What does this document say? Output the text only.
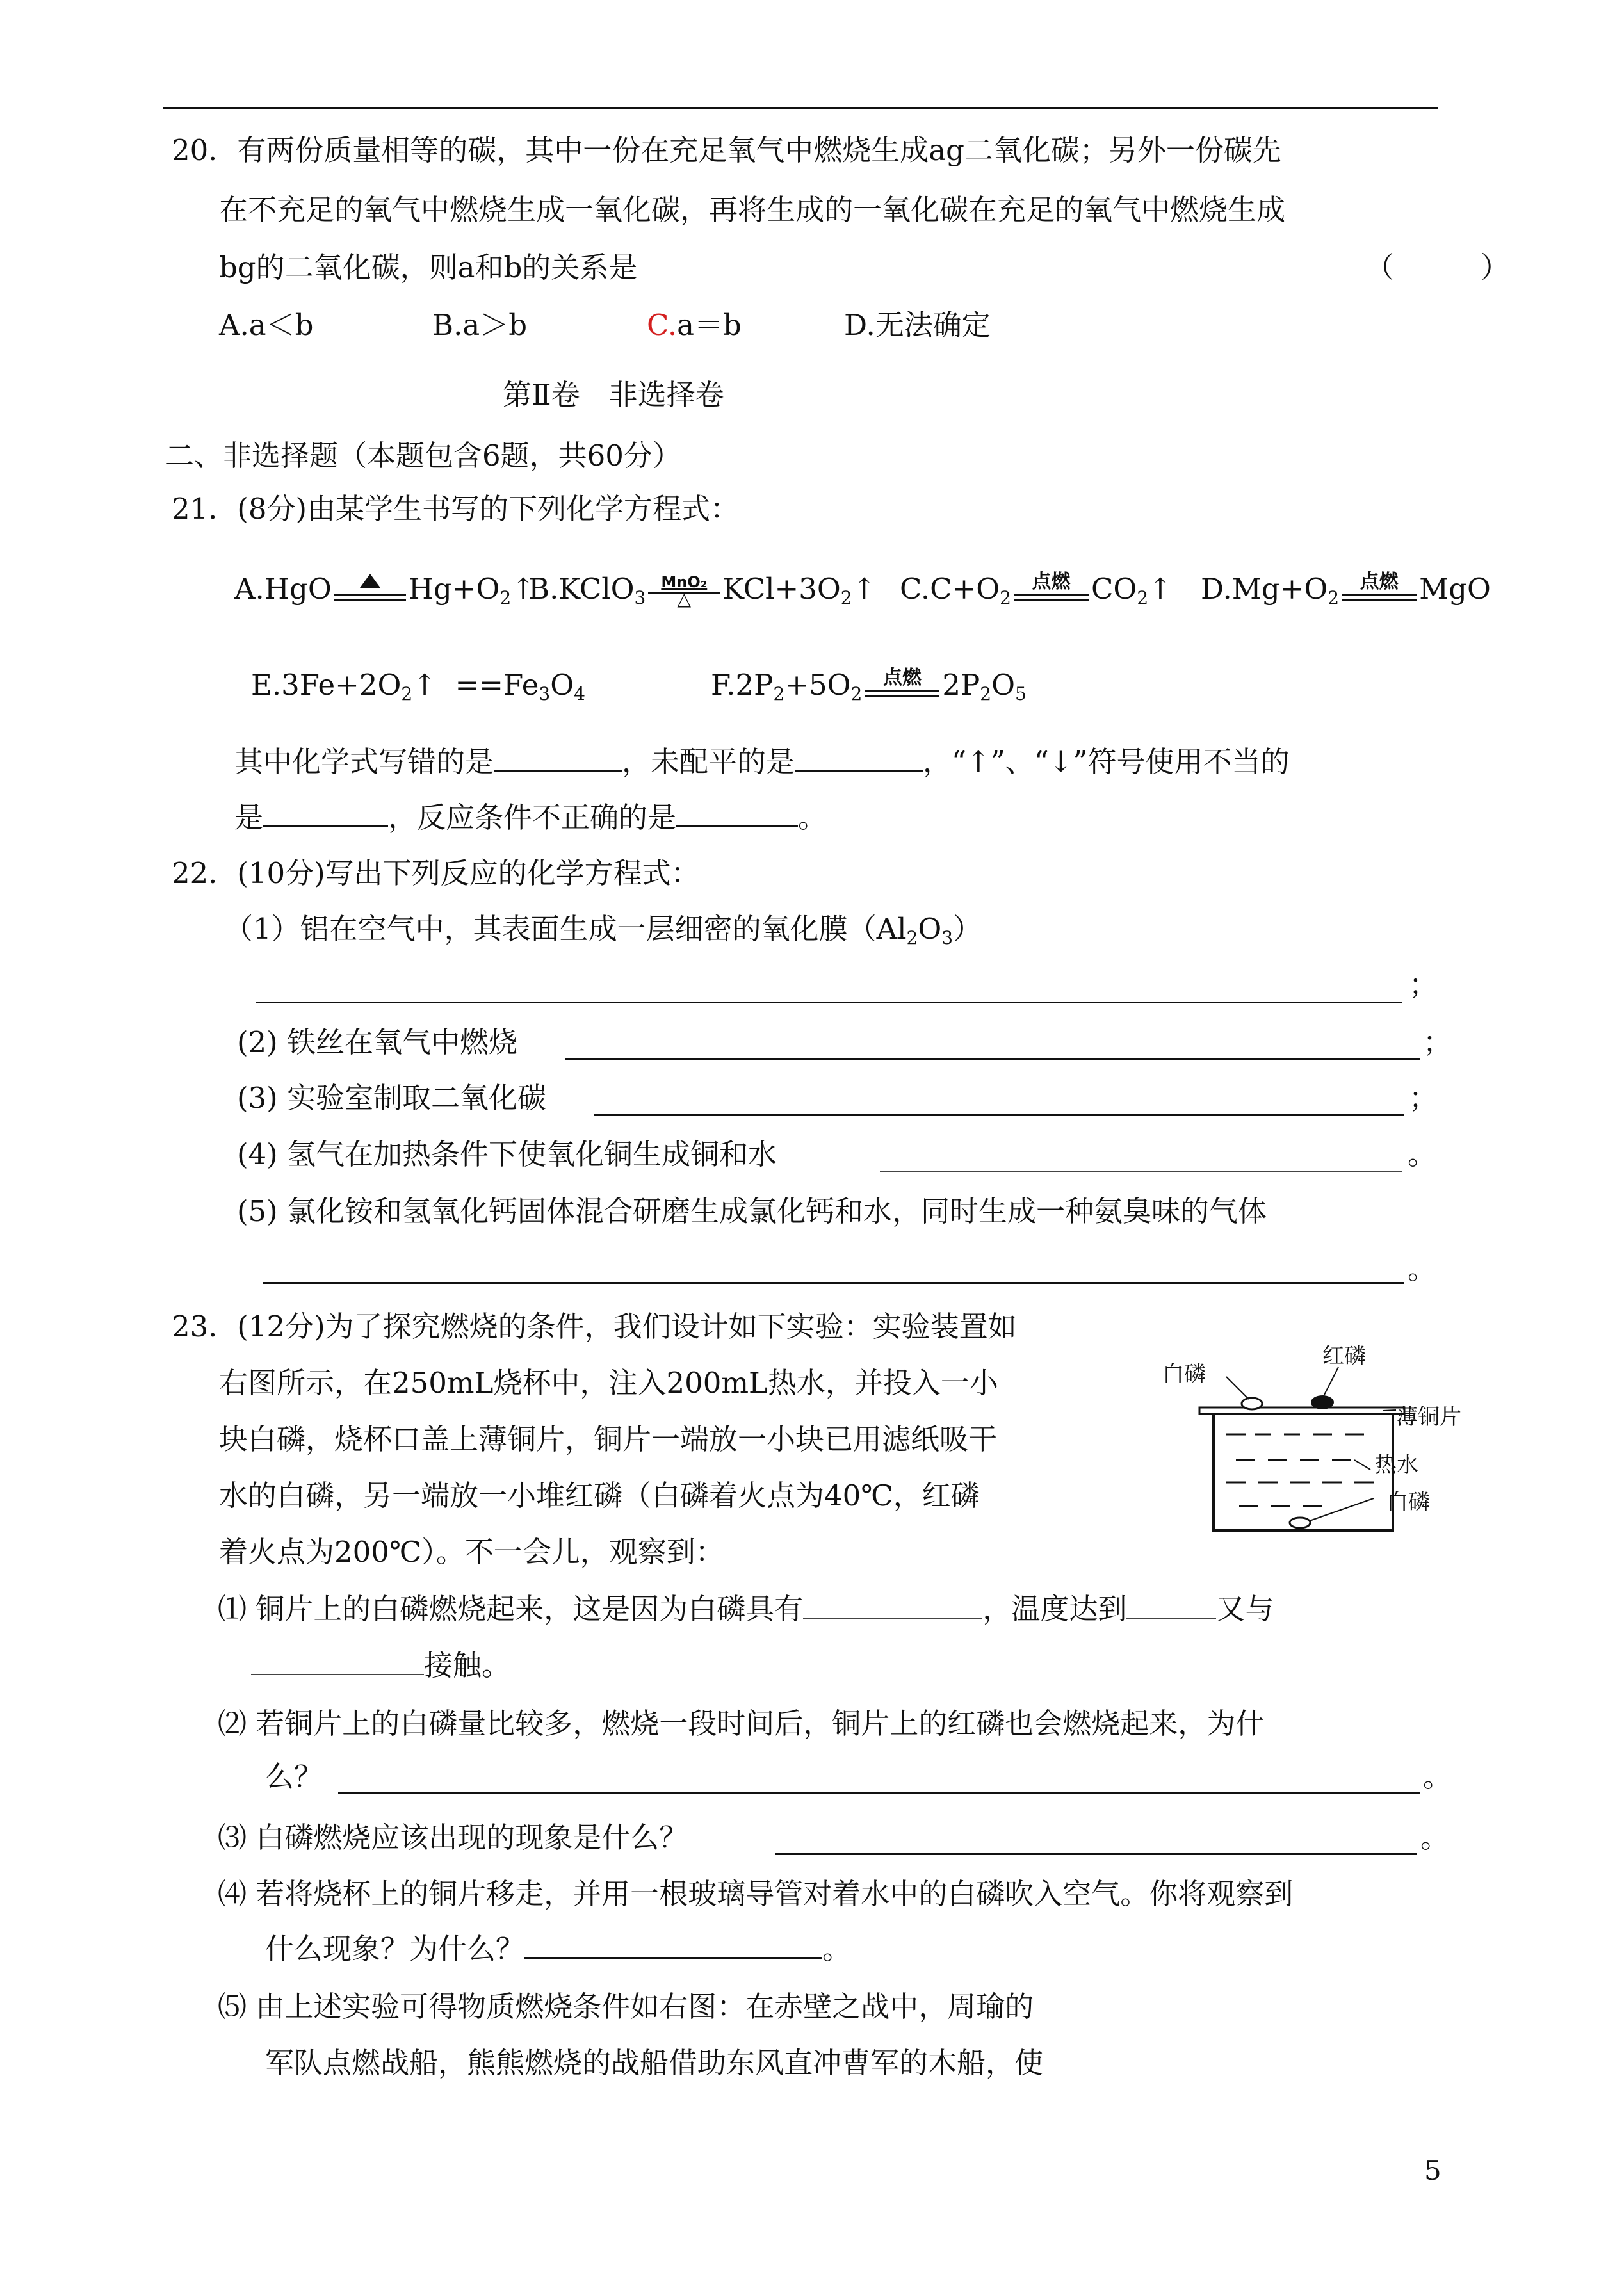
20．有两份质量相等的碳，其中一份在充足氧气中燃烧生成ag二氧化碳；另外一份碳先
在不充足的氧气中燃烧生成一氧化碳，再将生成的一氧化碳在充足的氧气中燃烧生成
bg的二氧化碳，则a和b的关系是	（　　　）
A.a＜b	B.a＞b	C.a＝b	D.无法确定
第Ⅱ卷　非选择卷
二、非选择题（本题包含6题，共60分）
21．(8分)由某学生书写的下列化学方程式：
A.HgO	$Hg+O_2↑$
B.KClO$_3$
MnO₂
△	$KCl+3O_2↑$ $C.C+O_2$
点燃 $CO_2↑$ $D.Mg+O_2$
点燃 MgO
$E.3Fe+2O_2↑ ==Fe_3O_4$	$F.2P_2+5O_2$
点燃 $2P_2O_5$
其中化学式写错的是	，未配平的是	，“↑”、“↓”符号使用不当的
是	，反应条件不正确的是	。
22．(10分)写出下列反应的化学方程式：
（1）铝在空气中，其表面生成一层细密的氧化膜$(Al_2O_3)$
；
(2) 铁丝在氧气中燃烧	；
(3) 实验室制取二氧化碳	；
(4) 氢气在加热条件下使氧化铜生成铜和水	。
(5) 氯化铵和氢氧化钙固体混合研磨生成氯化钙和水，同时生成一种氨臭味的气体
。
23．(12分)为了探究燃烧的条件，我们设计如下实验：实验装置如
右图所示，在250mL烧杯中，注入200mL热水，并投入一小
块白磷，烧杯口盖上薄铜片，铜片一端放一小块已用滤纸吸干
水的白磷，另一端放一小堆红磷（白磷着火点为40℃，红磷
着火点为200℃）。不一会儿，观察到：
白磷
红磷
薄铜片
热水
白磷
⑴ 铜片上的白磷燃烧起来，这是因为白磷具有	，温度达到	又与
接触。
⑵ 若铜片上的白磷量比较多，燃烧一段时间后，铜片上的红磷也会燃烧起来，为什
么？	。
⑶ 白磷燃烧应该出现的现象是什么？	。
⑷ 若将烧杯上的铜片移走，并用一根玻璃导管对着水中的白磷吹入空气。你将观察到
什么现象？为什么？	。
⑸ 由上述实验可得物质燃烧条件如右图：在赤壁之战中，周瑜的
军队点燃战船，熊熊燃烧的战船借助东风直冲曹军的木船，使
5
